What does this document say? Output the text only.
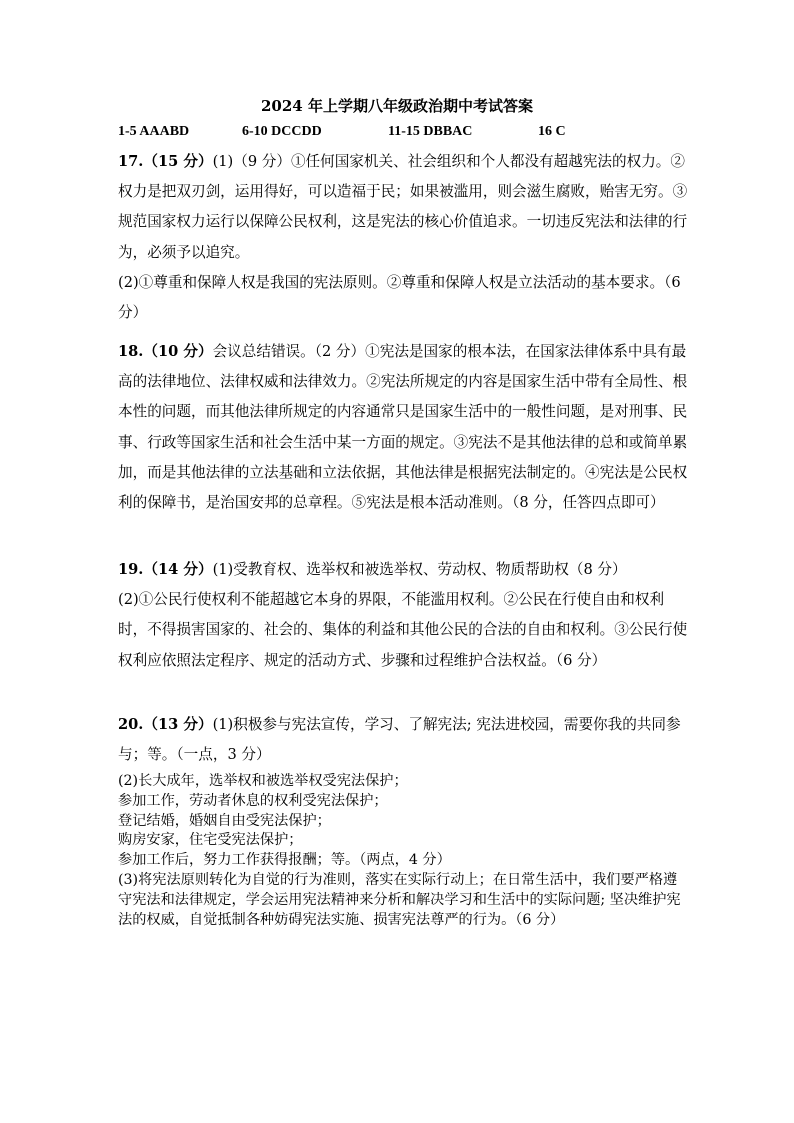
2024 年上学期八年级政治期中考试答案
1-5 AAABD	6-10 DCCDD	11-15 DBBAC	16 C

17.（15 分）(1)（9 分）①任何国家机关、社会组织和个人都没有超越宪法的权力。②权力是把双刃剑，运用得好，可以造福于民；如果被滥用，则会滋生腐败，贻害无穷。③规范国家权力运行以保障公民权利，这是宪法的核心价值追求。一切违反宪法和法律的行为，必须予以追究。

(2)①尊重和保障人权是我国的宪法原则。②尊重和保障人权是立法活动的基本要求。（6 分）

18.（10 分）会议总结错误。（2 分）①宪法是国家的根本法，在国家法律体系中具有最高的法律地位、法律权威和法律效力。②宪法所规定的内容是国家生活中带有全局性、根本性的问题，而其他法律所规定的内容通常只是国家生活中的一般性问题，是对刑事、民事、行政等国家生活和社会生活中某一方面的规定。③宪法不是其他法律的总和或简单累加，而是其他法律的立法基础和立法依据，其他法律是根据宪法制定的。④宪法是公民权利的保障书，是治国安邦的总章程。⑤宪法是根本活动准则。（8 分，任答四点即可）

19.（14 分）(1)受教育权、选举权和被选举权、劳动权、物质帮助权（8 分）

(2)①公民行使权利不能超越它本身的界限，不能滥用权利。②公民在行使自由和权利时，不得损害国家的、社会的、集体的利益和其他公民的合法的自由和权利。③公民行使权利应依照法定程序、规定的活动方式、步骤和过程维护合法权益。（6 分）

20.（13 分）(1)积极参与宪法宣传，学习、了解宪法; 宪法进校园，需要你我的共同参与；等。（一点，3 分）

(2)长大成年，选举权和被选举权受宪法保护；

参加工作，劳动者休息的权利受宪法保护；

登记结婚，婚姻自由受宪法保护；

购房安家，住宅受宪法保护；

参加工作后，努力工作获得报酬；等。（两点，4 分）

(3)将宪法原则转化为自觉的行为准则，落实在实际行动上；在日常生活中，我们要严格遵守宪法和法律规定，学会运用宪法精神来分析和解决学习和生活中的实际问题; 坚决维护宪法的权威，自觉抵制各种妨碍宪法实施、损害宪法尊严的行为。（6 分）
